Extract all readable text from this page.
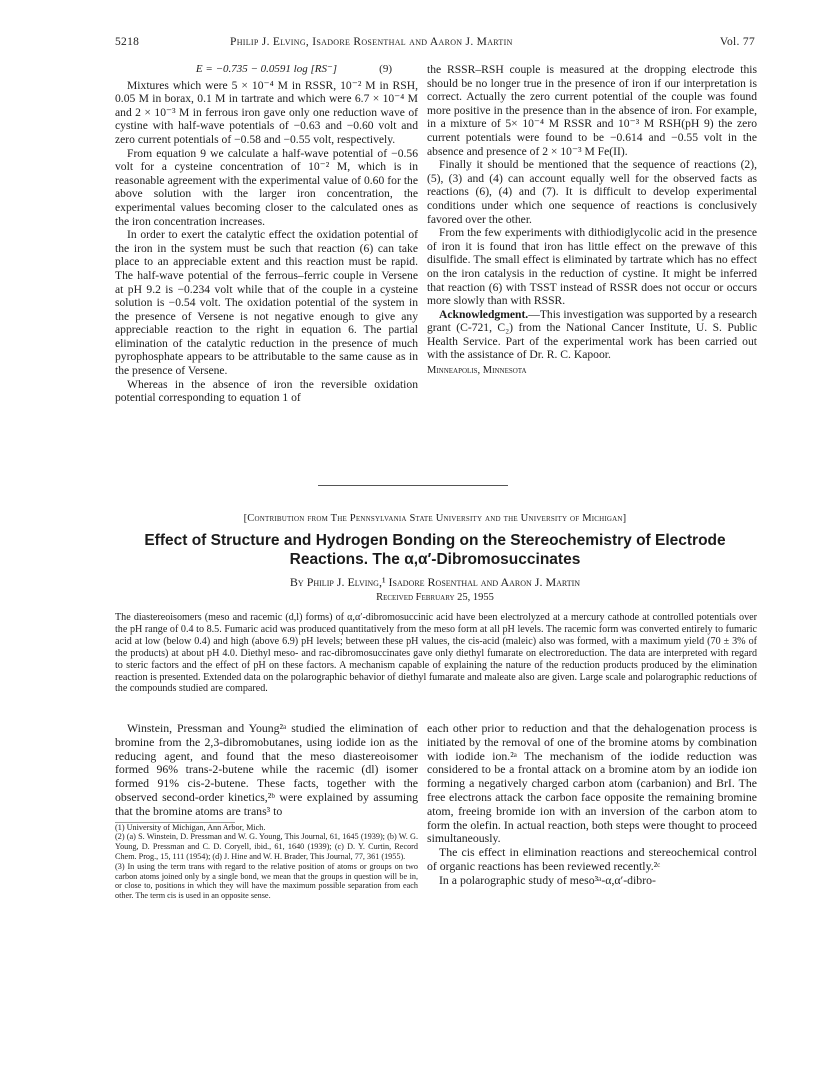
5218	Philip J. Elving, Isadore Rosenthal and Aaron J. Martin	Vol. 77
E = −0.735 − 0.0591 log [RS⁻]	(9)

Mixtures which were 5 × 10⁻⁴ M in RSSR, 10⁻² M in RSH, 0.05 M in borax, 0.1 M in tartrate and which were 6.7 × 10⁻⁴ M and 2 × 10⁻³ M in ferrous iron gave only one reduction wave of cystine with half-wave potentials of −0.63 and −0.60 volt and zero current potentials of −0.58 and −0.55 volt, respectively.

From equation 9 we calculate a half-wave potential of −0.56 volt for a cysteine concentration of 10⁻² M, which is in reasonable agreement with the experimental value of 0.60 for the above solution with the larger iron concentration, the experimental values becoming closer to the calculated ones as the iron concentration increases.

In order to exert the catalytic effect the oxidation potential of the iron in the system must be such that reaction (6) can take place to an appreciable extent and this reaction must be rapid. The half-wave potential of the ferrous–ferric couple in Versene at pH 9.2 is −0.234 volt while that of the couple in a cysteine solution is −0.54 volt. The oxidation potential of the system in the presence of Versene is not negative enough to give any appreciable reaction to the right in equation 6. The partial elimination of the catalytic reduction in the presence of much pyrophosphate appears to be attributable to the same cause as in the presence of Versene.

Whereas in the absence of iron the reversible oxidation potential corresponding to equation 1 of

the RSSR–RSH couple is measured at the dropping electrode this should be no longer true in the presence of iron if our interpretation is correct. Actually the zero current potential of the couple was found more positive in the presence than in the absence of iron. For example, in a mixture of 5× 10⁻⁴ M RSSR and 10⁻³ M RSH(pH 9) the zero current potentials were found to be −0.614 and −0.55 volt in the absence and presence of 2 × 10⁻³ M Fe(II).

Finally it should be mentioned that the sequence of reactions (2), (5), (3) and (4) can account equally well for the observed facts as reactions (6), (4) and (7). It is difficult to develop experimental conditions under which one sequence of reactions is conclusively favored over the other.

From the few experiments with dithiodiglycolic acid in the presence of iron it is found that iron has little effect on the prewave of this disulfide. The small effect is eliminated by tartrate which has no effect on the iron catalysis in the reduction of cystine. It might be inferred that reaction (6) with TSST instead of RSSR does not occur or occurs more slowly than with RSSR.

Acknowledgment.—This investigation was supported by a research grant (C-721, C₂) from the National Cancer Institute, U. S. Public Health Service. Part of the experimental work has been carried out with the assistance of Dr. R. C. Kapoor.

Minneapolis, Minnesota
[Contribution from The Pennsylvania State University and the University of Michigan]
Effect of Structure and Hydrogen Bonding on the Stereochemistry of Electrode
Reactions. The α,α′-Dibromosuccinates
By Philip J. Elving,¹ Isadore Rosenthal and Aaron J. Martin
Received February 25, 1955
The diastereoisomers (meso and racemic (d,l) forms) of α,α′-dibromosuccinic acid have been electrolyzed at a mercury cathode at controlled potentials over the pH range of 0.4 to 8.5. Fumaric acid was produced quantitatively from the meso form at all pH levels. The racemic form was converted entirely to fumaric acid at low (below 0.4) and high (above 6.9) pH levels; between these pH values, the cis-acid (maleic) also was formed, with a maximum yield (70 ± 3% of the products) at about pH 4.0. Diethyl meso- and rac-dibromosuccinates gave only diethyl fumarate on electroreduction. The data are interpreted with regard to steric factors and the effect of pH on these factors. A mechanism capable of explaining the nature of the reduction products produced by the elimination reaction is presented. Extended data on the polarographic behavior of diethyl fumarate and maleate also are given. Large scale and polarographic reductions of the compounds studied are compared.

Winstein, Pressman and Young²ᵃ studied the elimination of bromine from the 2,3-dibromobutanes, using iodide ion as the reducing agent, and found that the meso diastereoisomer formed 96% trans-2-butene while the racemic (dl) isomer formed 91% cis-2-butene. These facts, together with the observed second-order kinetics,²ᵇ were explained by assuming that the bromine atoms are trans³ to

(1) University of Michigan, Ann Arbor, Mich.
(2) (a) S. Winstein, D. Pressman and W. G. Young, This Journal, 61, 1645 (1939); (b) W. G. Young, D. Pressman and C. D. Coryell, ibid., 61, 1640 (1939); (c) D. Y. Curtin, Record Chem. Prog., 15, 111 (1954); (d) J. Hine and W. H. Brader, This Journal, 77, 361 (1955).
(3) In using the term trans with regard to the relative position of atoms or groups on two carbon atoms joined only by a single bond, we mean that the groups in question will be in, or close to, positions in which they will have the maximum possible separation from each other. The term cis is used in an opposite sense.

each other prior to reduction and that the dehalogenation process is initiated by the removal of one of the bromine atoms by combination with iodide ion.²ᵃ The mechanism of the iodide reduction was considered to be a frontal attack on a bromine atom by an iodide ion forming a negatively charged carbon atom (carbanion) and BrI. The free electrons attack the carbon face opposite the remaining bromine atom, freeing bromide ion with an inversion of the carbon atom to form the olefin. In actual reaction, both steps were thought to proceed simultaneously.

The cis effect in elimination reactions and stereochemical control of organic reactions has been reviewed recently.²ᶜ

In a polarographic study of meso³ᵃ-α,α′-dibro-
